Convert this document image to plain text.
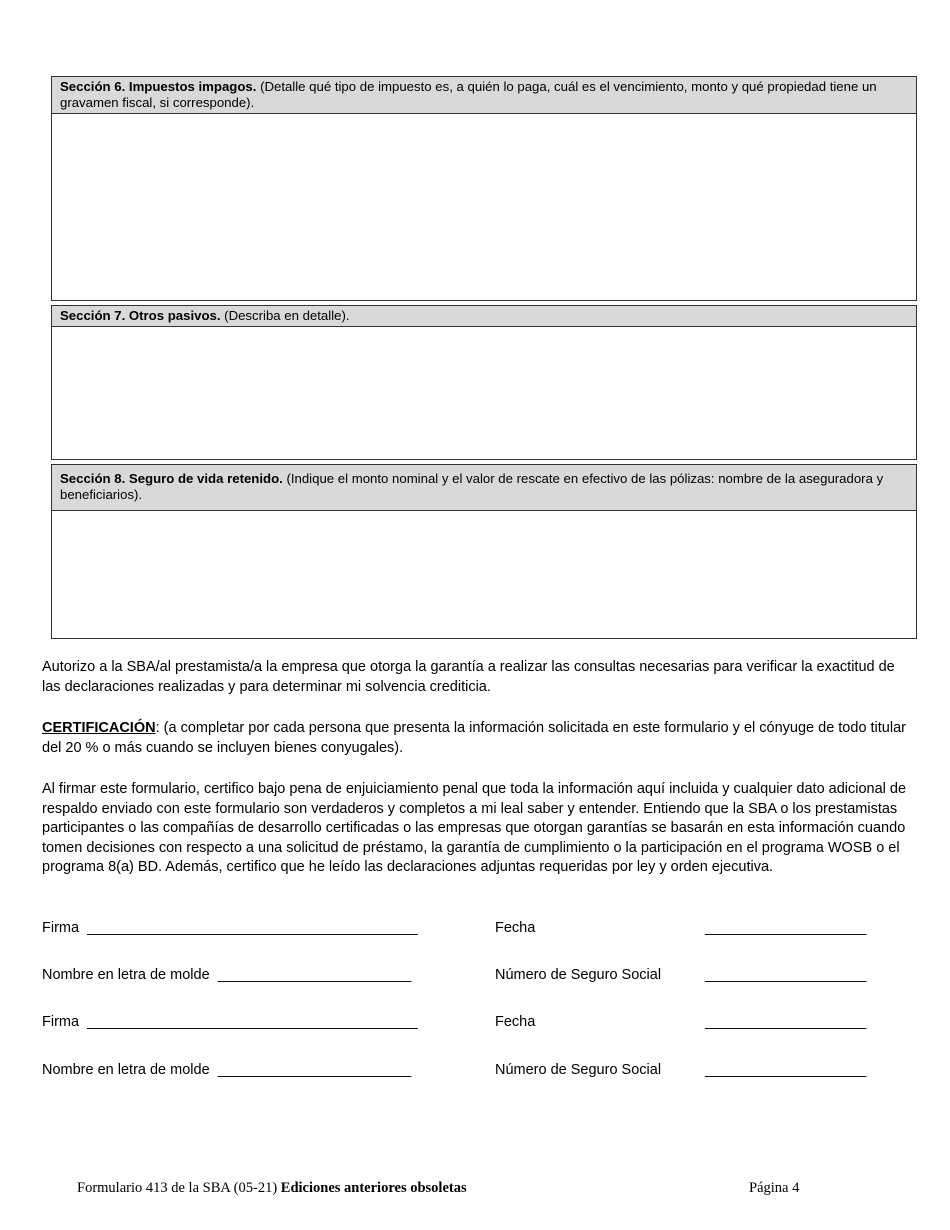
Sección 6. Impuestos impagos. (Detalle qué tipo de impuesto es, a quién lo paga, cuál es el vencimiento, monto y qué propiedad tiene un gravamen fiscal, si corresponde).
Sección 7. Otros pasivos. (Describa en detalle).
Sección 8. Seguro de vida retenido. (Indique el monto nominal y el valor de rescate en efectivo de las pólizas: nombre de la aseguradora y beneficiarios).
Autorizo a la SBA/al prestamista/a la empresa que otorga la garantía a realizar las consultas necesarias para verificar la exactitud de las declaraciones realizadas y para determinar mi solvencia crediticia.
CERTIFICACIÓN: (a completar por cada persona que presenta la información solicitada en este formulario y el cónyuge de todo titular del 20 % o más cuando se incluyen bienes conyugales).
Al firmar este formulario, certifico bajo pena de enjuiciamiento penal que toda la información aquí incluida y cualquier dato adicional de respaldo enviado con este formulario son verdaderos y completos a mi leal saber y entender. Entiendo que la SBA o los prestamistas participantes o las compañías de desarrollo certificadas o las empresas que otorgan garantías se basarán en esta información cuando tomen decisiones con respecto a una solicitud de préstamo, la garantía de cumplimiento o la participación en el programa WOSB o el programa 8(a) BD. Además, certifico que he leído las declaraciones adjuntas requeridas por ley y orden ejecutiva.
Firma _________________________________________	Fecha	____________________
Nombre en letra de molde ________________________	Número de Seguro Social	____________________
Firma _________________________________________	Fecha	____________________
Nombre en letra de molde ________________________	Número de Seguro Social	____________________
Formulario 413 de la SBA (05-21) Ediciones anteriores obsoletas	Página 4
